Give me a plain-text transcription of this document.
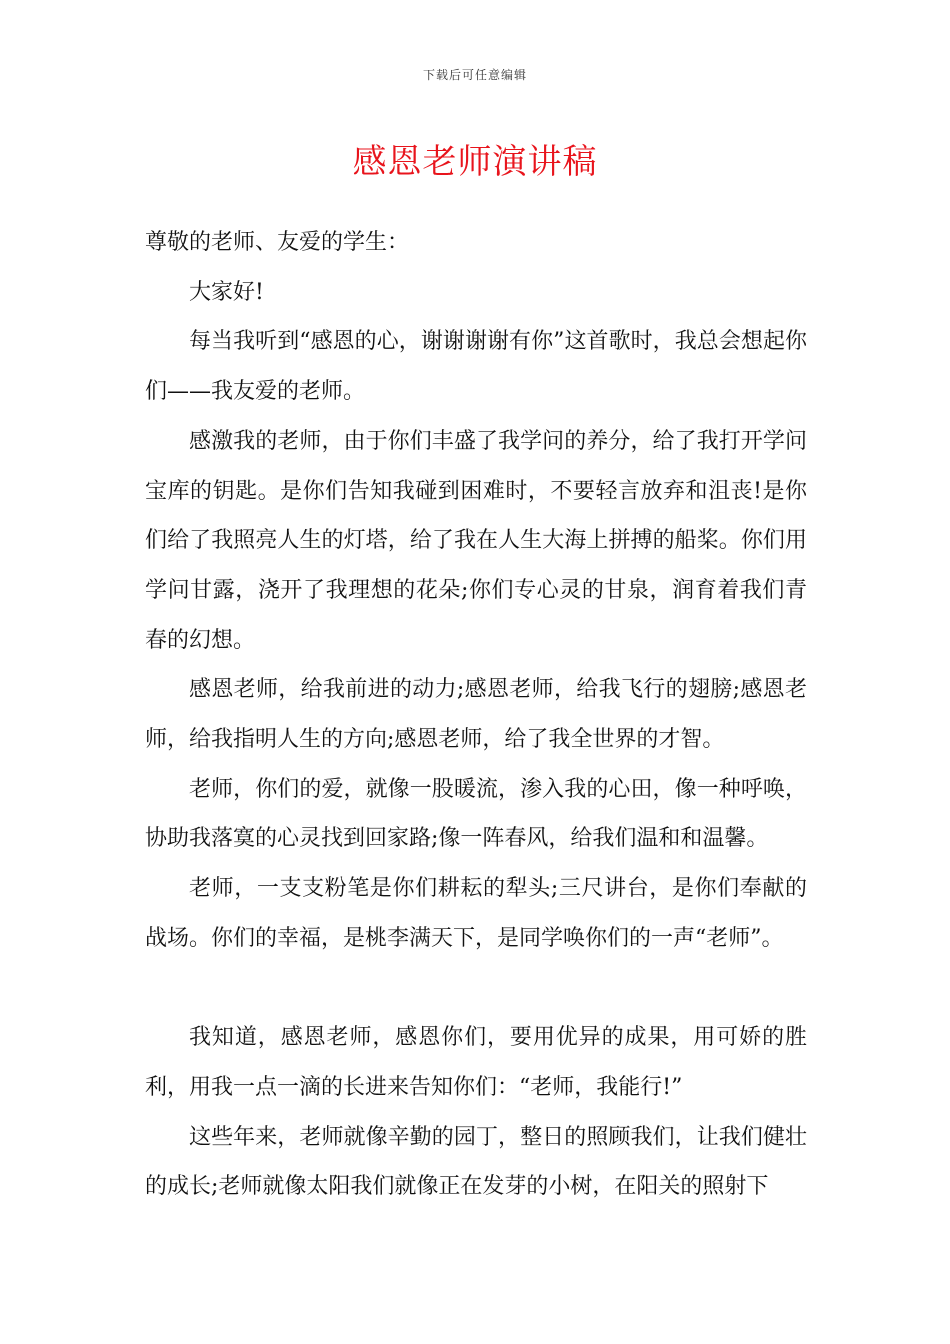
下载后可任意编辑
感恩老师演讲稿

尊敬的老师、友爱的学生：

大家好!

每当我听到“感恩的心，谢谢谢谢有你”这首歌时，我总会想起你们——我友爱的老师。

感激我的老师，由于你们丰盛了我学问的养分，给了我打开学问宝库的钥匙。是你们告知我碰到困难时，不要轻言放弃和沮丧!是你们给了我照亮人生的灯塔，给了我在人生大海上拼搏的船桨。你们用学问甘露，浇开了我理想的花朵;你们专心灵的甘泉，润育着我们青春的幻想。

感恩老师，给我前进的动力;感恩老师，给我飞行的翅膀;感恩老师，给我指明人生的方向;感恩老师，给了我全世界的才智。

老师，你们的爱，就像一股暖流，渗入我的心田，像一种呼唤，协助我落寞的心灵找到回家路;像一阵春风，给我们温和和温馨。

老师，一支支粉笔是你们耕耘的犁头;三尺讲台，是你们奉献的战场。你们的幸福，是桃李满天下，是同学唤你们的一声“老师”。

我知道，感恩老师，感恩你们，要用优异的成果，用可娇的胜利，用我一点一滴的长进来告知你们：“老师，我能行!”

这些年来，老师就像辛勤的园丁，整日的照顾我们，让我们健壮的成长;老师就像太阳我们就像正在发芽的小树，在阳关的照射下
